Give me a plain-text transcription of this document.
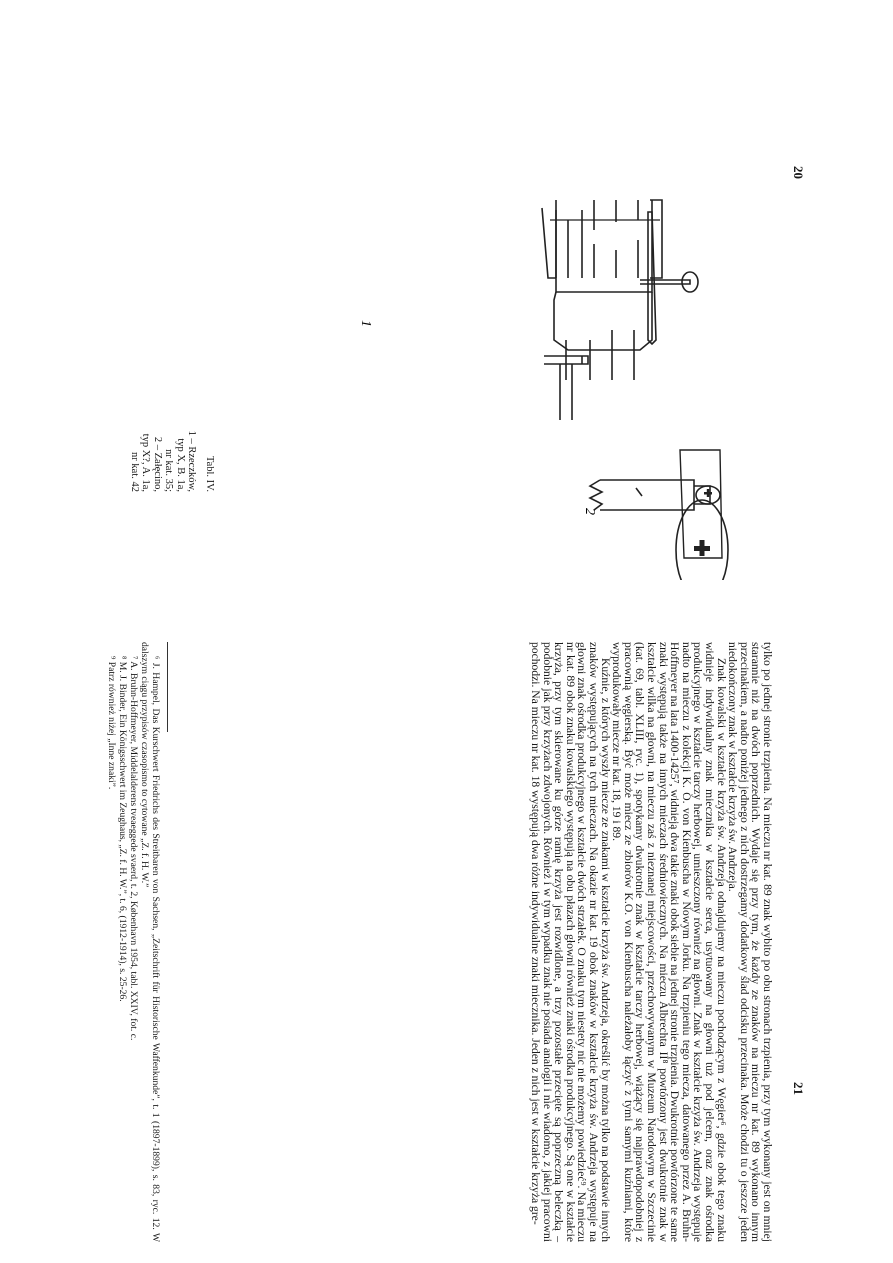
20
21
1
2
Tabl. IV.
1 – Rzeczków,
typ X, B. 1a,
nr kat. 35;
2 – Załęcino,
typ X?, A. 1a,
nr kat. 42

tylko po jednej stronie trzpienia. Na mieczu nr kat. 89 znak wybito po obu stronach trzpienia, przy tym wykonany jest on mniej starannie niż na dwóch poprzednich. Wydaje się przy tym, że każdy ze znaków na mieczu nr kat. 89 wykonano innym przecinakiem, a nadto poniżej jednego z nich dostrzegamy dodatkowy ślad odcisku przecinaka. Może chodzi tu o jeszcze jeden niedokończony znak w kształcie krzyża św. Andrzeja.

Znak kowalski w kształcie krzyża św. Andrzeja odnajdujemy na mieczu pochodzącym z Węgier⁶, gdzie obok tego znaku widnieje indywidualny znak miecznika w kształcie serca, usytuowany na głowni tuż pod jelcem, oraz znak ośrodka produkcyjnego w kształcie tarczy herbowej, umieszczony również na głowni. Znak w kształcie krzyża św. Andrzeja występuje nadto na mieczu z kolekcji K. O. von Kienbuscha w Nowym Jorku. Na trzpieniu tego miecza, datowanego przez A. Bruhn-Hoffmeyer na lata 1400-1425⁷, widnieją dwa takie znaki obok siebie na jednej stronie trzpienia. Dwukrotnie powtórzone te same znaki występują także na innych mieczach średniowiecznych. Na mieczu Albrechta II⁸ powtórzony jest dwukrotnie znak w kształcie wilka na głowni, na mieczu zaś z nieznanej miejscowości, przechowywanym w Muzeum Narodowym w Szczecinie (kat. 69, tabl. XLIII, ryc. 1), spotykamy dwukrotnie znak w kształcie tarczy herbowej, wiążący się najprawdopodobniej z pracownią węgierską. Być może miecz ze zbiorów K.O. von Kienbuscha należałoby łączyć z tymi samymi kuźniami, które wyprodukowały miecze nr kat. 18, 19 i 89.

Kuźnie, z których wyszły miecze ze znakami w kształcie krzyża św. Andrzeja, określić by można tylko na podstawie innych znaków występujących na tych mieczach. Na okazie nr kat. 19 obok znaków w kształcie krzyża św. Andrzeja występuje na głowni znak ośrodka produkcyjnego w kształcie dwóch strzałek. O znaku tym niestety nic nie możemy powiedzieć⁹. Na mieczu nr kat. 89 obok znaku kowalskiego występują na obu płazach głowni również znaki ośrodka produkcyjnego. Są one w kształcie krzyża, przy tym skierowane ku górze ramię krzyża jest rozwidlone, a trzy pozostałe przecięte są poprzeczną beleczką – podobnie jak przy krzyżach zdwojonych. Również i w tym wypadku znak nie posiada analogii i nie wiadomo, z jakiej pracowni pochodzi. Na mieczu nr kat. 18 występują dwa różne indywidualne znaki miecznika. Jeden z nich jest w kształcie krzyża gre-

⁶ J. Hampel, Das Kurschwert Friedrichs des Streitbaren von Sachsen, „Zeitschrift für Historische Waffenkunde”, t. 1 (1897-1899), s. 83, ryc. 12. W dalszym ciągu przypisów czasopismo to cytowane „Z. f. H. W.”

⁷ A. Bruhn-Hoffmeyer, Middelalderens tveaeggede svaerd, t. 2, København 1954, tabl. XXIV, fot. c.

⁸ M. J. Binder, Ein Königsschwert im Zeughaus, „Z. f. H. W.”, t. 6, (1912-1914), s. 25-26.

⁹ Patrz również niżej „Inne znaki”.
